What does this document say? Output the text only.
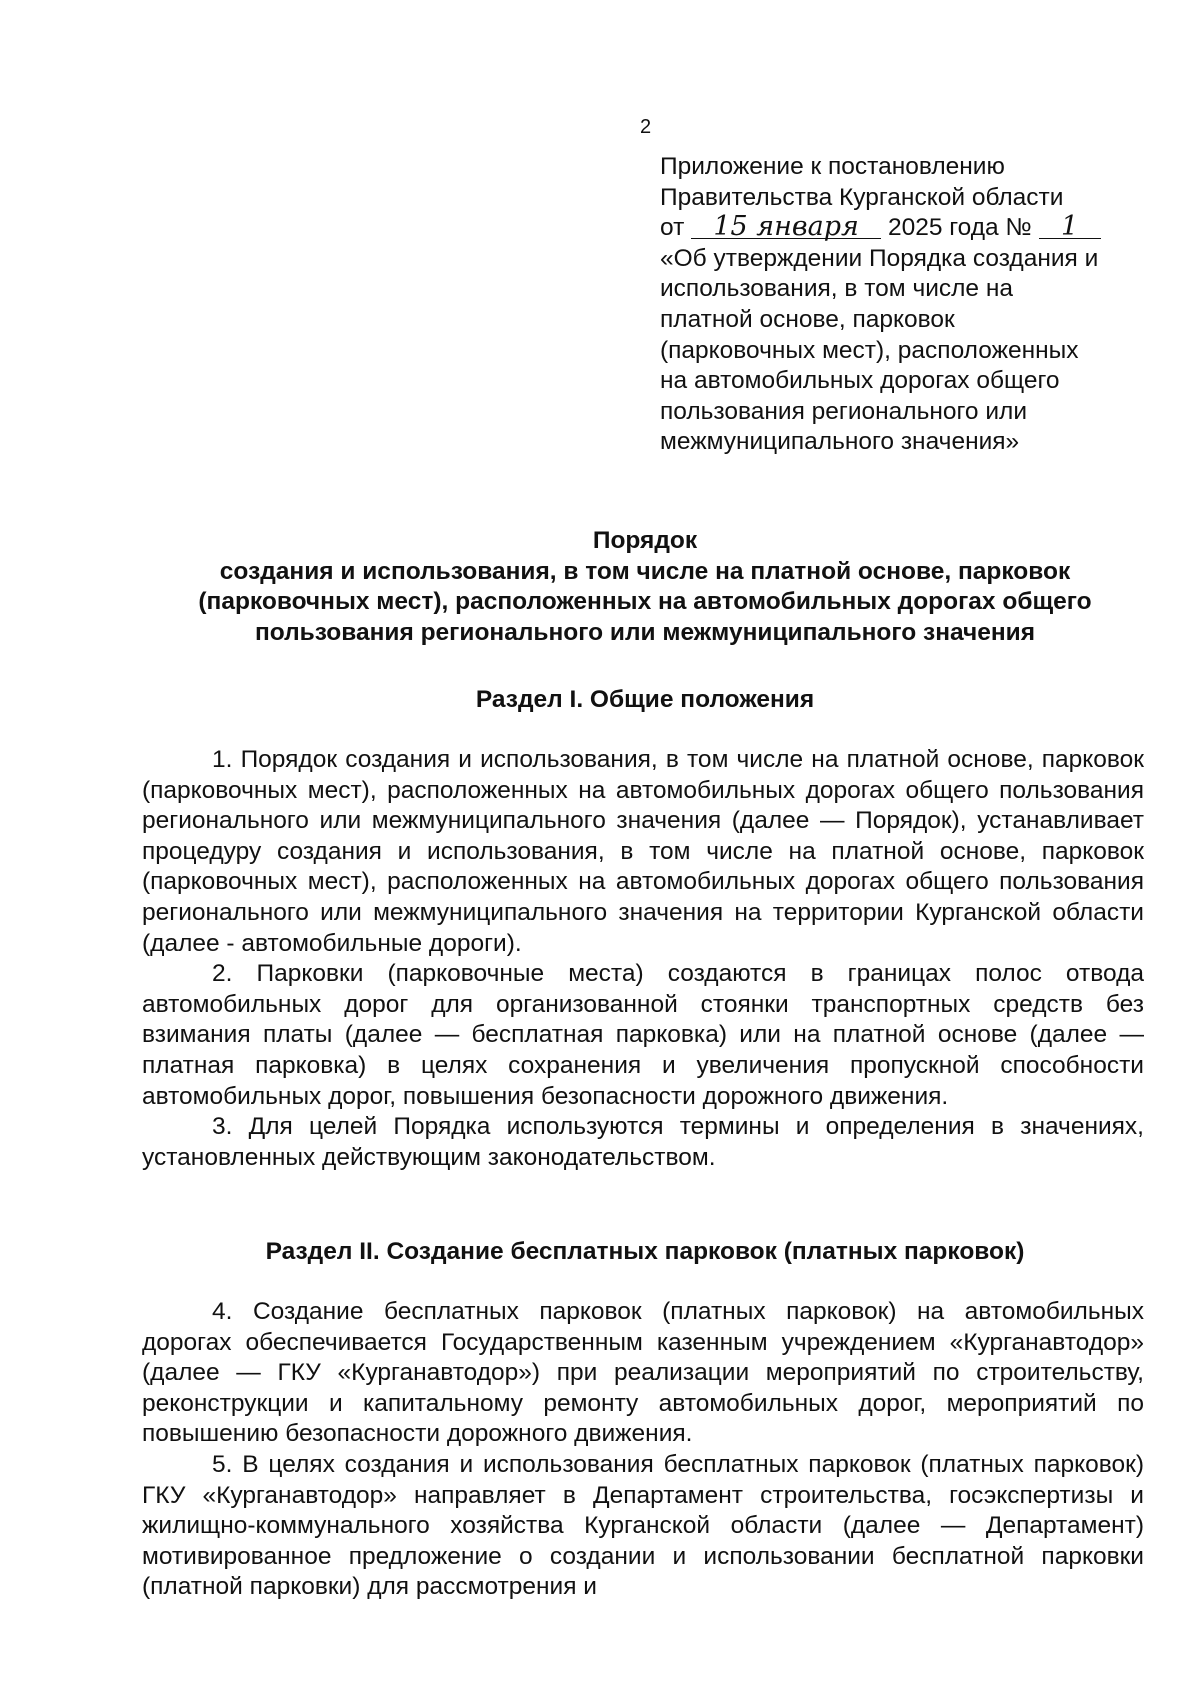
2
Приложение к постановлению
Правительства Курганской области
от 15 января 2025 года № 1
«Об утверждении Порядка создания и
использования, в том числе на
платной основе, парковок
(парковочных мест), расположенных
на автомобильных дорогах общего
пользования регионального или
межмуниципального значения»
Порядок
создания и использования, в том числе на платной основе, парковок
(парковочных мест), расположенных на автомобильных дорогах общего
пользования регионального или межмуниципального значения
Раздел I. Общие положения

1. Порядок создания и использования, в том числе на платной основе, парковок (парковочных мест), расположенных на автомобильных дорогах общего пользования регионального или межмуниципального значения (далее — Порядок), устанавливает процедуру создания и использования, в том числе на платной основе, парковок (парковочных мест), расположенных на автомобильных дорогах общего пользования регионального или межмуниципального значения на территории Курганской области (далее - автомобильные дороги).

2. Парковки (парковочные места) создаются в границах полос отвода автомобильных дорог для организованной стоянки транспортных средств без взимания платы (далее — бесплатная парковка) или на платной основе (далее — платная парковка) в целях сохранения и увеличения пропускной способности автомобильных дорог, повышения безопасности дорожного движения.

3. Для целей Порядка используются термины и определения в значениях, установленных действующим законодательством.

Раздел II. Создание бесплатных парковок (платных парковок)

4. Создание бесплатных парковок (платных парковок) на автомобильных дорогах обеспечивается Государственным казенным учреждением «Курганавтодор» (далее — ГКУ «Курганавтодор») при реализации мероприятий по строительству, реконструкции и капитальному ремонту автомобильных дорог, мероприятий по повышению безопасности дорожного движения.

5. В целях создания и использования бесплатных парковок (платных парковок) ГКУ «Курганавтодор» направляет в Департамент строительства, госэкспертизы и жилищно-коммунального хозяйства Курганской области (далее — Департамент) мотивированное предложение о создании и использовании бесплатной парковки (платной парковки) для рассмотрения и
